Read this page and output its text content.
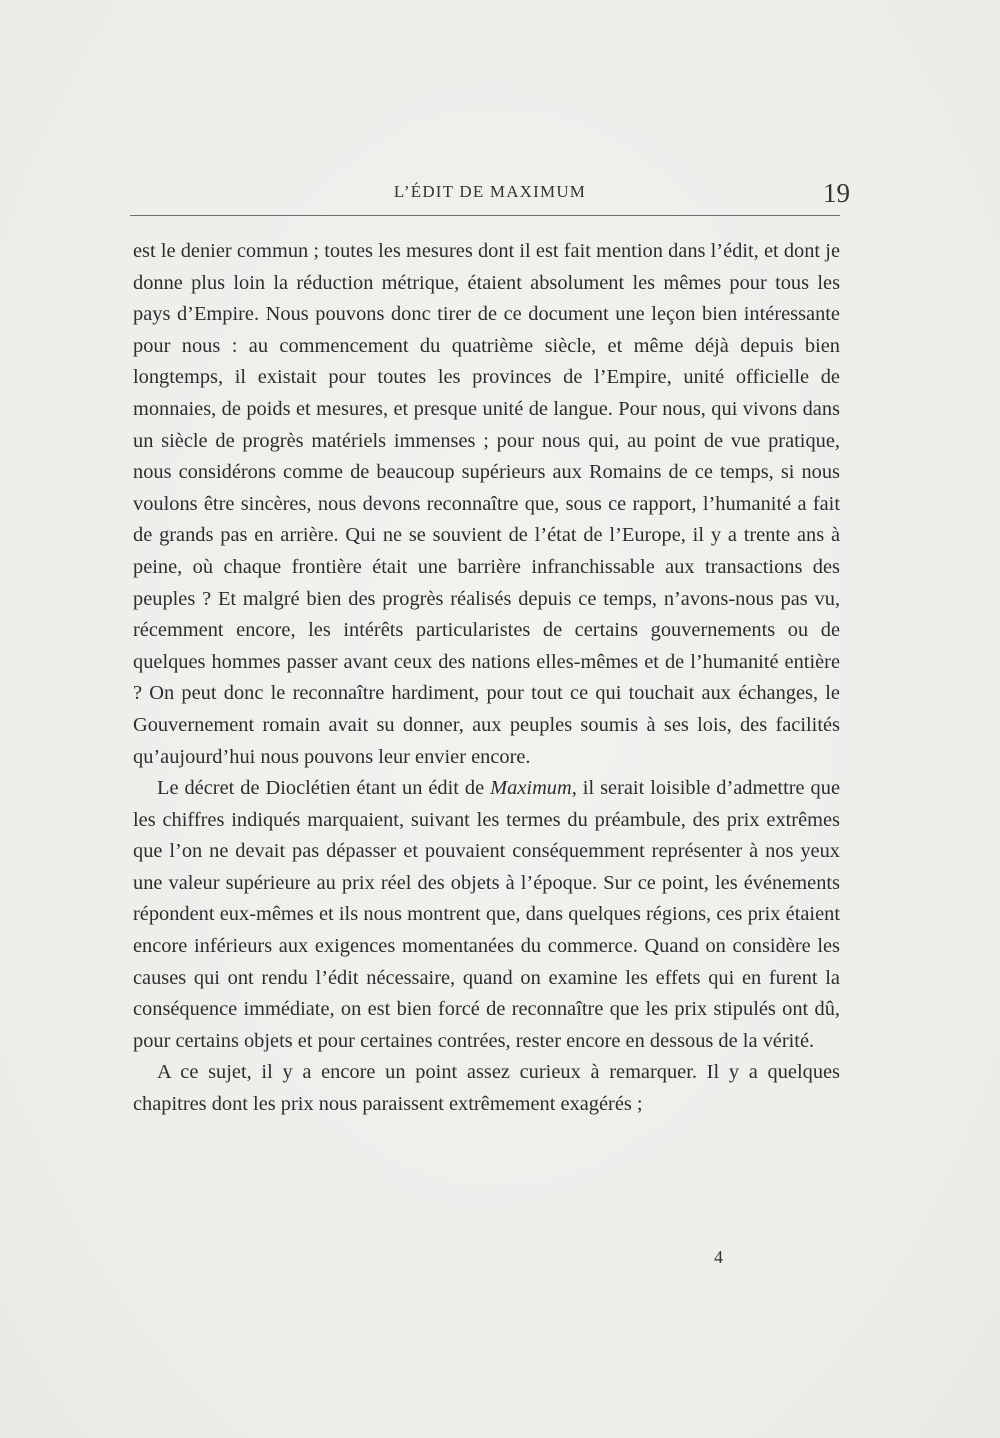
L’ÉDIT DE MAXIMUM	19

est le denier commun ; toutes les mesures dont il est fait mention dans l’édit, et dont je donne plus loin la réduction métrique, étaient absolument les mêmes pour tous les pays d’Empire. Nous pouvons donc tirer de ce document une leçon bien intéressante pour nous : au commencement du quatrième siècle, et même déjà depuis bien longtemps, il existait pour toutes les provinces de l’Empire, unité officielle de monnaies, de poids et mesures, et presque unité de langue. Pour nous, qui vivons dans un siècle de progrès matériels immenses ; pour nous qui, au point de vue pratique, nous considérons comme de beaucoup supérieurs aux Romains de ce temps, si nous voulons être sincères, nous devons reconnaître que, sous ce rapport, l’humanité a fait de grands pas en arrière. Qui ne se souvient de l’état de l’Europe, il y a trente ans à peine, où chaque frontière était une barrière infranchissable aux transactions des peuples ? Et malgré bien des progrès réalisés depuis ce temps, n’avons-nous pas vu, récemment encore, les intérêts particularistes de certains gouvernements ou de quelques hommes passer avant ceux des nations elles-mêmes et de l’humanité entière ? On peut donc le reconnaître hardiment, pour tout ce qui touchait aux échanges, le Gouvernement romain avait su donner, aux peuples soumis à ses lois, des facilités qu’aujourd’hui nous pouvons leur envier encore.

Le décret de Dioclétien étant un édit de Maximum, il serait loisible d’admettre que les chiffres indiqués marquaient, suivant les termes du préambule, des prix extrêmes que l’on ne devait pas dépasser et pouvaient conséquemment représenter à nos yeux une valeur supérieure au prix réel des objets à l’époque. Sur ce point, les événements répondent eux-mêmes et ils nous montrent que, dans quelques régions, ces prix étaient encore inférieurs aux exigences momentanées du commerce. Quand on considère les causes qui ont rendu l’édit nécessaire, quand on examine les effets qui en furent la conséquence immédiate, on est bien forcé de reconnaître que les prix stipulés ont dû, pour certains objets et pour certaines contrées, rester encore en dessous de la vérité.

A ce sujet, il y a encore un point assez curieux à remarquer. Il y a quelques chapitres dont les prix nous paraissent extrêmement exagérés ;

4
